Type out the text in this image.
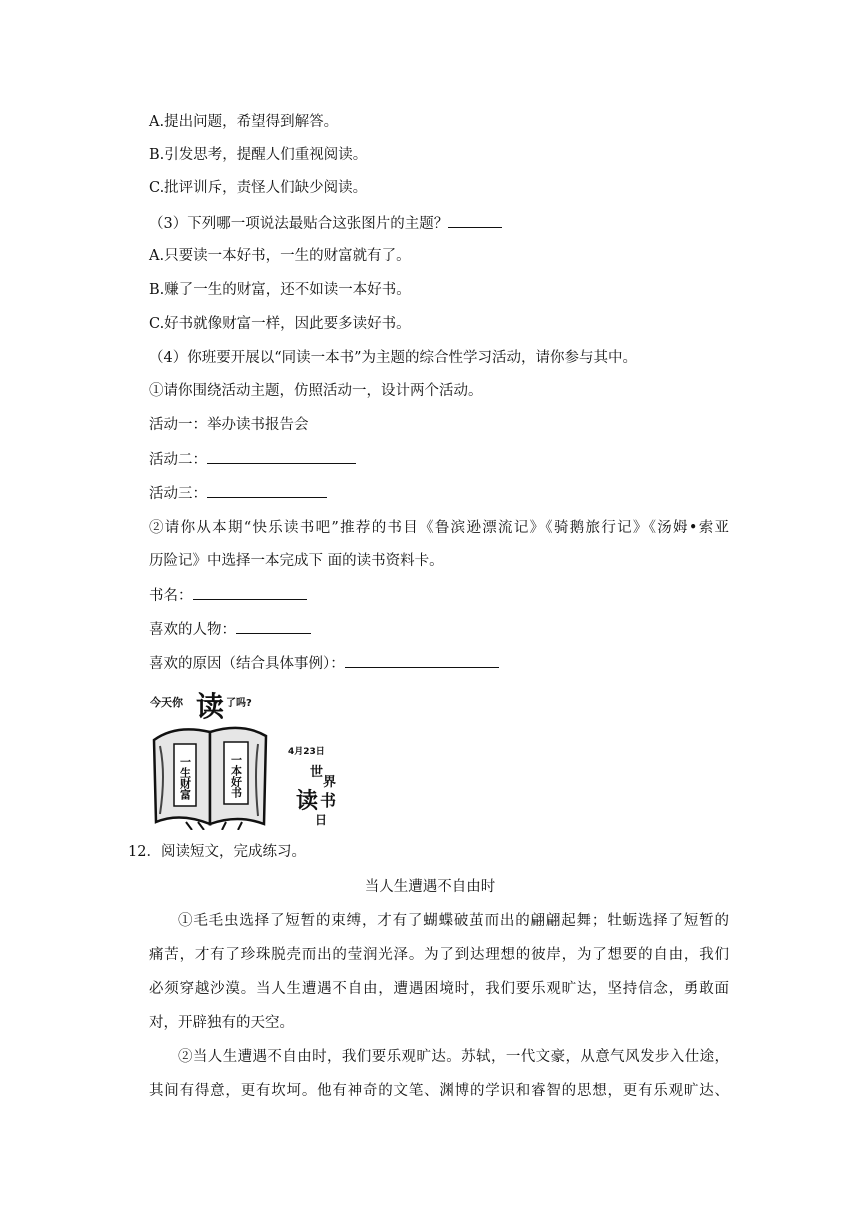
A.提出问题，希望得到解答。
B.引发思考，提醒人们重视阅读。
C.批评训斥，责怪人们缺少阅读。
（3）下列哪一项说法最贴合这张图片的主题？
A.只要读一本好书，一生的财富就有了。
B.赚了一生的财富，还不如读一本好书。
C.好书就像财富一样，因此要多读好书。
（4）你班要开展以“同读一本书”为主题的综合性学习活动，请你参与其中。
①请你围绕活动主题，仿照活动一，设计两个活动。
活动一：举办读书报告会
活动二：
活动三：
②请你从本期“快乐读书吧”推荐的书目《鲁滨逊漂流记》《骑鹅旅行记》《汤姆•索亚
历险记》中选择一本完成下 面的读书资料卡。
书名：
喜欢的人物：
喜欢的原因（结合具体事例）：
今天你 读 了吗?
一生财富	一本好书
4月23日
世
界
读 书
日
12．阅读短文，完成练习。
当人生遭遇不自由时
①毛毛虫选择了短暂的束缚，才有了蝴蝶破茧而出的翩翩起舞；牡蛎选择了短暂的
痛苦，才有了珍珠脱壳而出的莹润光泽。为了到达理想的彼岸，为了想要的自由，我们
必须穿越沙漠。当人生遭遇不自由，遭遇困境时，我们要乐观旷达，坚持信念，勇敢面
对，开辟独有的天空。
②当人生遭遇不自由时，我们要乐观旷达。苏轼，一代文豪，从意气风发步入仕途，
其间有得意，更有坎坷。他有神奇的文笔、渊博的学识和睿智的思想，更有乐观旷达、
